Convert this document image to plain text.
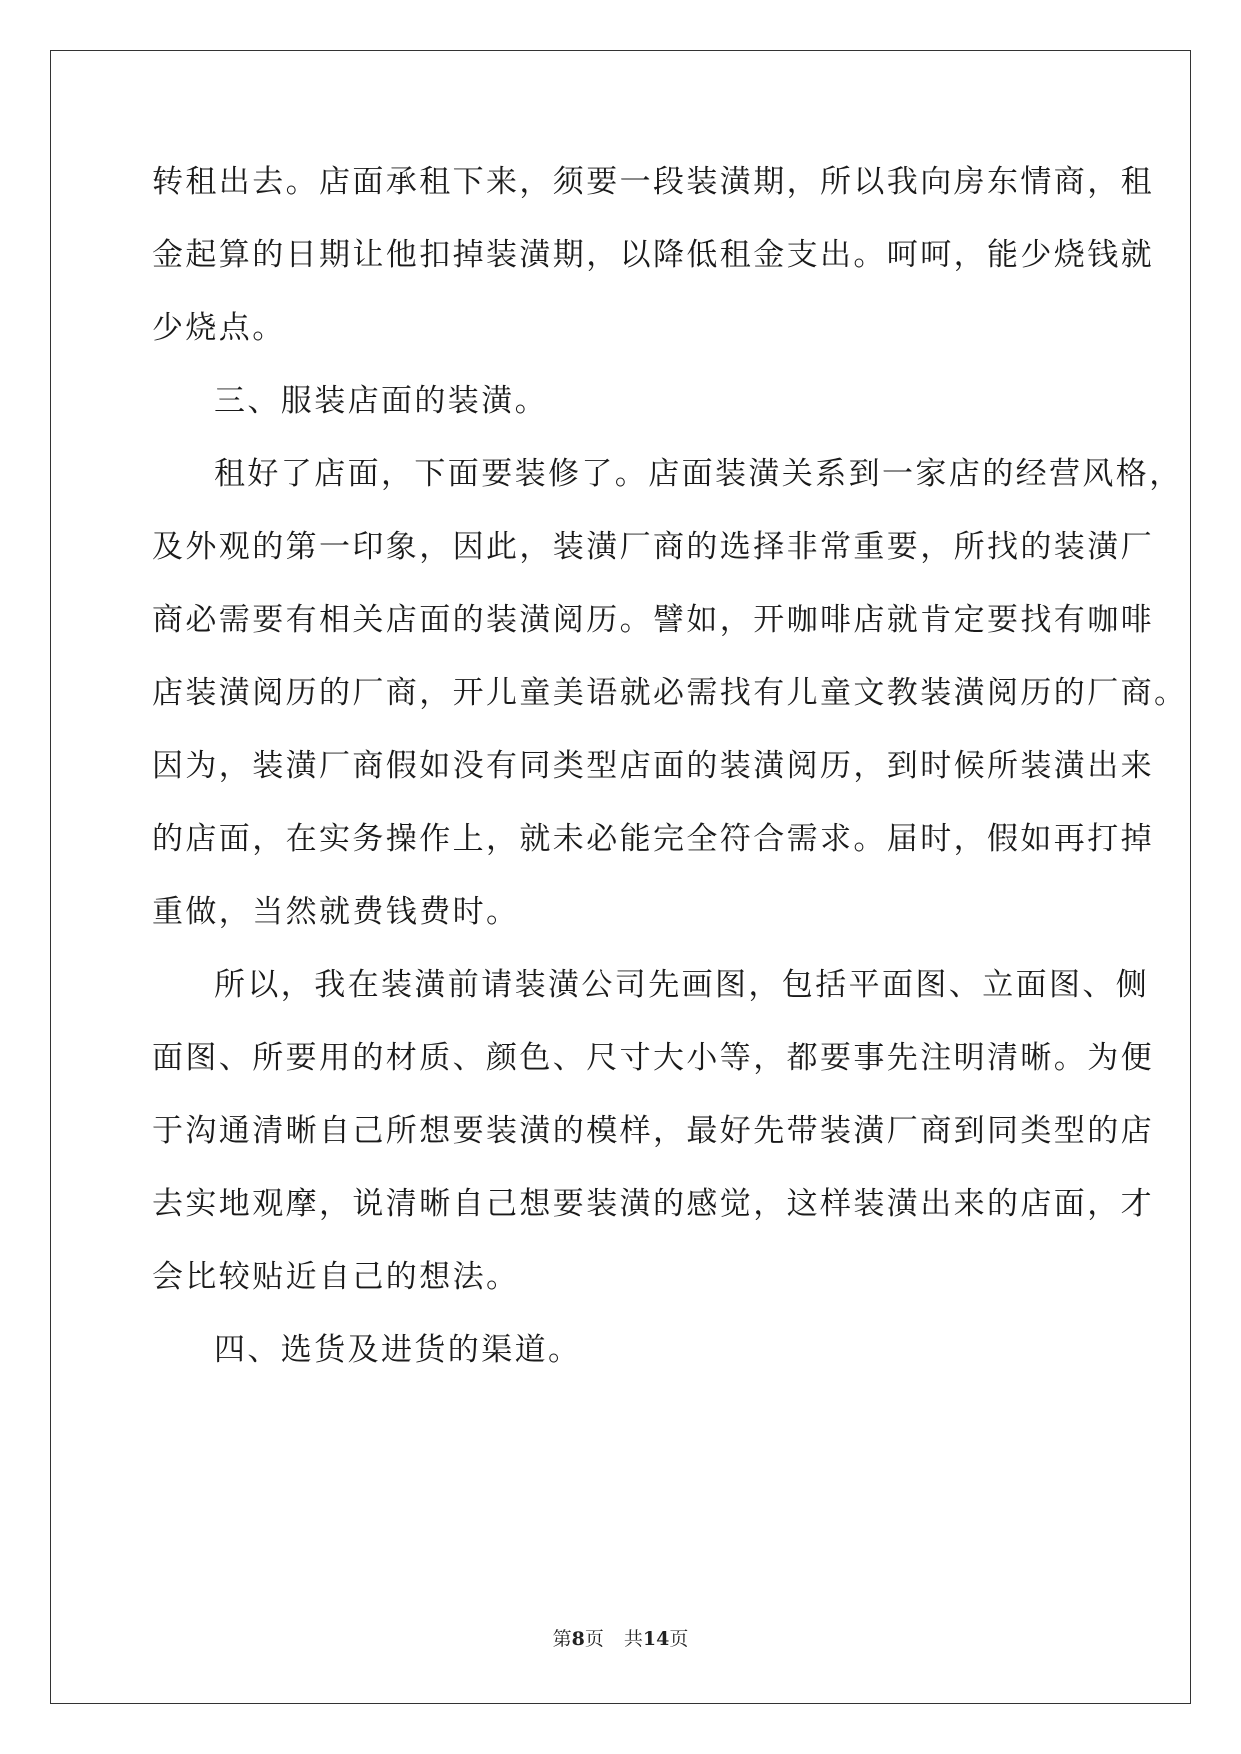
转租出去。店面承租下来，须要一段装潢期，所以我向房东情商，租
金起算的日期让他扣掉装潢期，以降低租金支出。呵呵，能少烧钱就
少烧点。
三、服装店面的装潢。
租好了店面，下面要装修了。店面装潢关系到一家店的经营风格，
及外观的第一印象，因此，装潢厂商的选择非常重要，所找的装潢厂
商必需要有相关店面的装潢阅历。譬如，开咖啡店就肯定要找有咖啡
店装潢阅历的厂商，开儿童美语就必需找有儿童文教装潢阅历的厂商。
因为，装潢厂商假如没有同类型店面的装潢阅历，到时候所装潢出来
的店面，在实务操作上，就未必能完全符合需求。届时，假如再打掉
重做，当然就费钱费时。
所以，我在装潢前请装潢公司先画图，包括平面图、立面图、侧
面图、所要用的材质、颜色、尺寸大小等，都要事先注明清晰。为便
于沟通清晰自己所想要装潢的模样，最好先带装潢厂商到同类型的店
去实地观摩，说清晰自己想要装潢的感觉，这样装潢出来的店面，才
会比较贴近自己的想法。
四、选货及进货的渠道。
第8页 共14页
